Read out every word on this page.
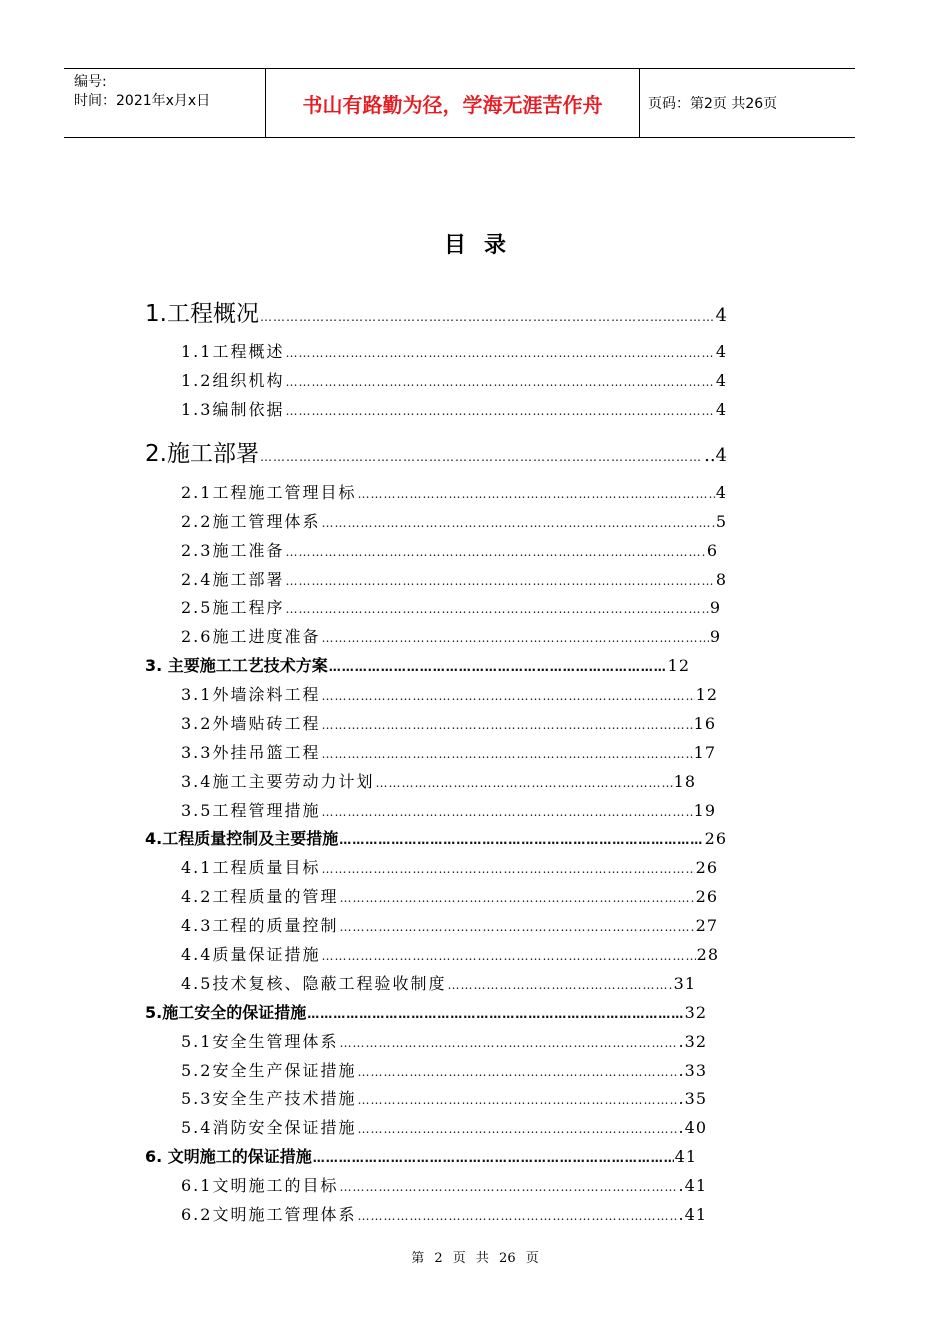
编号:
时间：2021年x月x日	书山有路勤为径，学海无涯苦作舟	页码：第2页 共26页
目录
1.工程概况 ………………………………………………………………………………………………………………………………………	4
1.1工程概述 ………………………………………………………………………………………………………………………………………	4
1.2组织机构 ………………………………………………………………………………………………………………………………………	4
1.3编制依据 ………………………………………………………………………………………………………………………………………	4
2.施工部署 ………………………………………………………………………………………………………………………………………	..4
2.1工程施工管理目标 ………………………………………………………………………………………………………………………………………	4
2.2施工管理体系 ………………………………………………………………………………………………………………………………………	5
2.3施工准备 ………………………………………………………………………………………………………………………………………	6
2.4施工部署 ………………………………………………………………………………………………………………………………………	8
2.5施工程序 ………………………………………………………………………………………………………………………………………	9
2.6施工进度准备 ………………………………………………………………………………………………………………………………………	9
3. 主要施工工艺技术方案 ………………………………………………………………………………………………………………………………………	12
3.1外墙涂料工程 ………………………………………………………………………………………………………………………………………	12
3.2外墙贴砖工程 ………………………………………………………………………………………………………………………………………	16
3.3外挂吊篮工程 ………………………………………………………………………………………………………………………………………	17
3.4施工主要劳动力计划 ………………………………………………………………………………………………………………………………………	18
3.5工程管理措施 ………………………………………………………………………………………………………………………………………	19
4.工程质量控制及主要措施 ………………………………………………………………………………………………………………………………………	26
4.1工程质量目标 ………………………………………………………………………………………………………………………………………	26
4.2工程质量的管理 ………………………………………………………………………………………………………………………………………	26
4.3工程的质量控制 ………………………………………………………………………………………………………………………………………	27
4.4质量保证措施 ………………………………………………………………………………………………………………………………………	28
4.5技术复核、隐蔽工程验收制度 ………………………………………………………………………………………………………………………………………	31
5.施工安全的保证措施 ………………………………………………………………………………………………………………………………………	32
5.1安全生管理体系 ………………………………………………………………………………………………………………………………………	.32
5.2安全生产保证措施 ………………………………………………………………………………………………………………………………………	.33
5.3安全生产技术措施 ………………………………………………………………………………………………………………………………………	.35
5.4消防安全保证措施 ………………………………………………………………………………………………………………………………………	.40
6. 文明施工的保证措施 ………………………………………………………………………………………………………………………………………	41
6.1文明施工的目标 ………………………………………………………………………………………………………………………………………	.41
6.2文明施工管理体系 ………………………………………………………………………………………………………………………………………	.41
第 2 页 共 26 页
